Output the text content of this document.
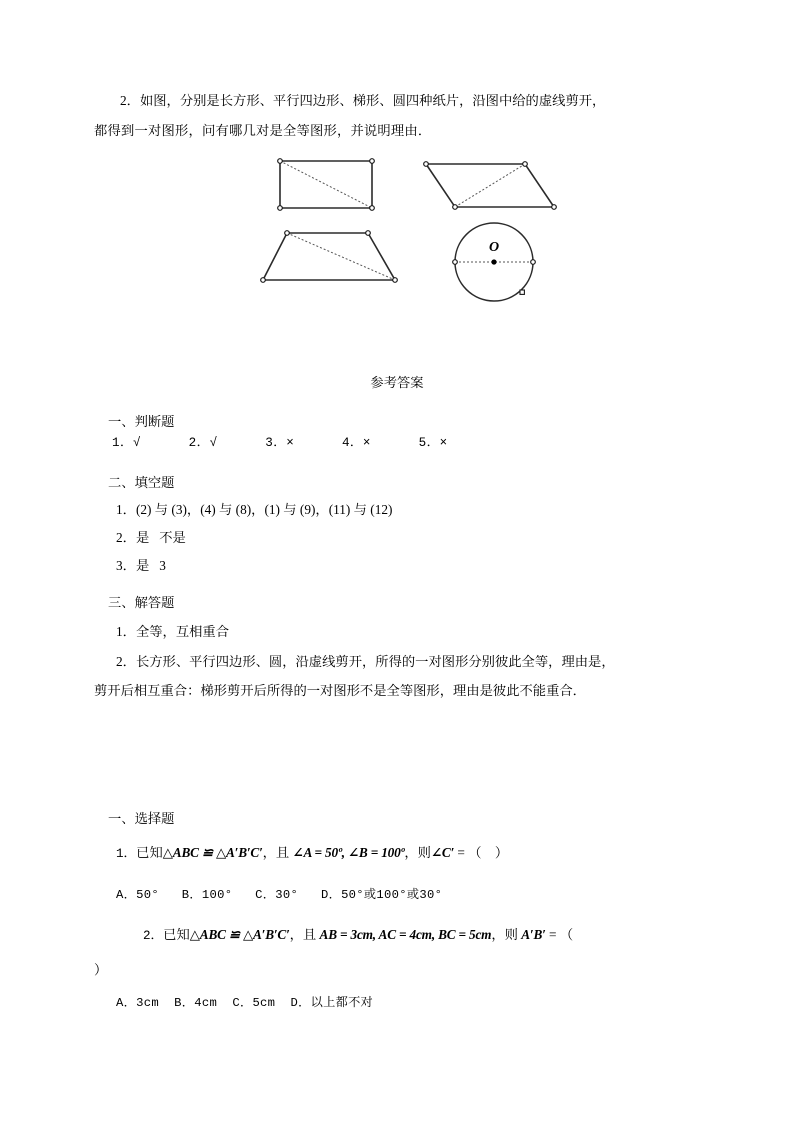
2．如图，分别是长方形、平行四边形、梯形、圆四种纸片，沿图中给的虚线剪开，
都得到一对图形，问有哪几对是全等图形，并说明理由．
O
参考答案
一、判断题
1．√      2．√      3．×      4．×      5．×
二、填空题
1．(2) 与 (3)，(4) 与 (8)，(1) 与 (9)，(11) 与 (12)
2．是   不是
3．是   3
三、解答题
1．全等，互相重合
2．长方形、平行四边形、圆，沿虚线剪开，所得的一对图形分别彼此全等，理由是，
剪开后相互重合：梯形剪开后所得的一对图形不是全等图形，理由是彼此不能重合．
一、选择题
1．已知△ABC ≌ △A′B′C′，且 ∠A = 50º, ∠B = 100º，则∠C′ = （    ）
A．50°   B．100°   C．30°   D．50°或100°或30°
2．已知△ABC ≌ △A′B′C′，且 AB = 3cm, AC = 4cm, BC = 5cm，则 A′B′ = （
）
A．3cm  B．4cm  C．5cm  D．以上都不对
